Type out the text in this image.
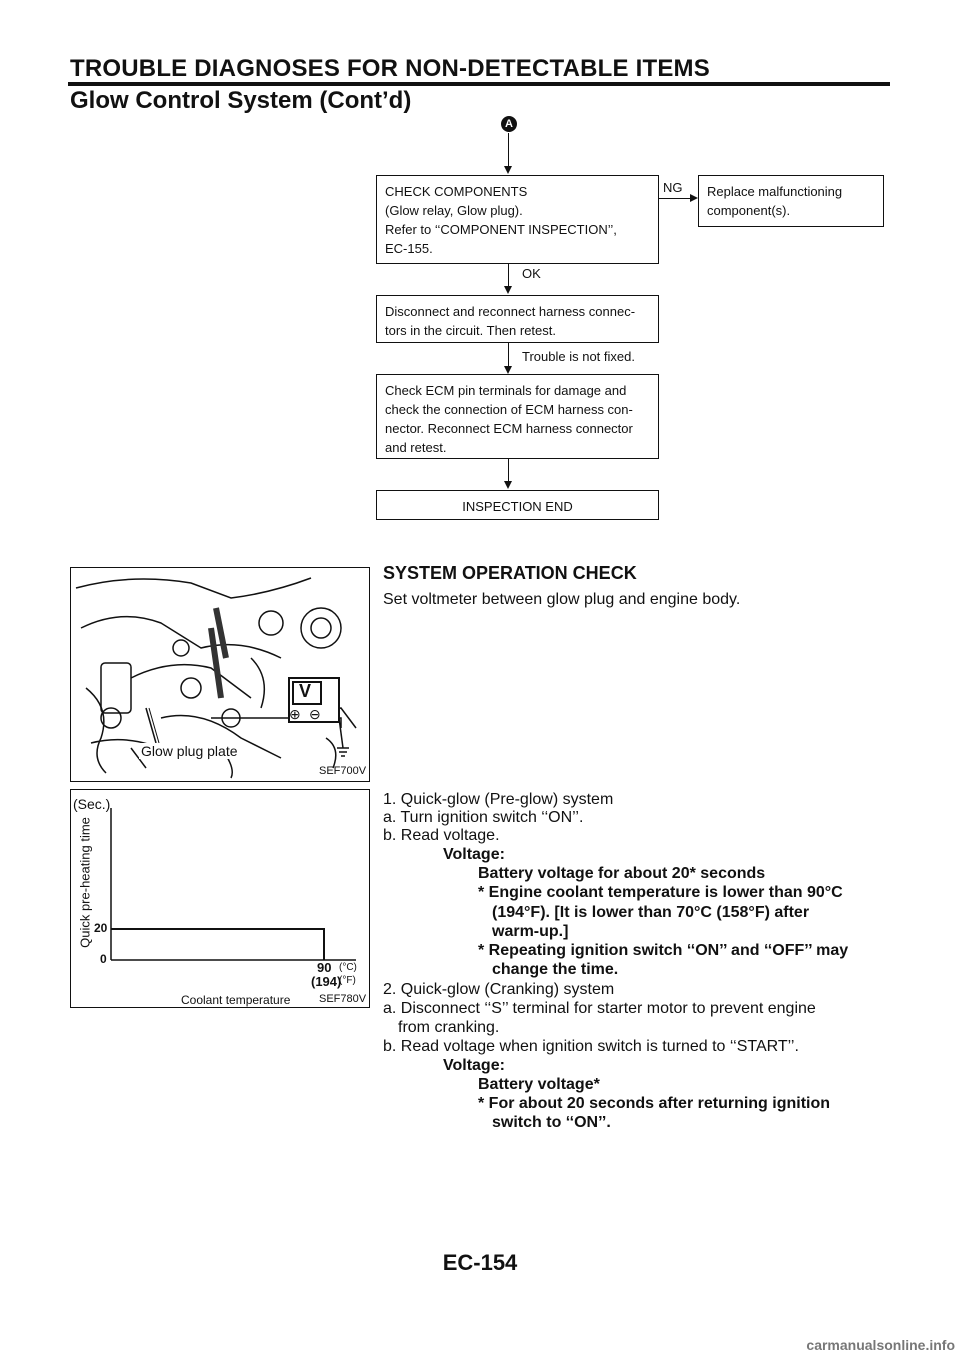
TROUBLE DIAGNOSES FOR NON-DETECTABLE ITEMS
Glow Control System (Cont’d)
A
CHECK COMPONENTS
(Glow relay, Glow plug).
Refer to ‘‘COMPONENT INSPECTION’’,
EC-155.
NG Replace malfunctioning
component(s).
OK
Disconnect and reconnect harness connec-
tors in the circuit. Then retest.
Trouble is not fixed.
Check ECM pin terminals for damage and
check the connection of ECM harness con-
nector. Reconnect ECM harness connector
and retest.
INSPECTION END
V
⊕ ⊖
Glow plug plate
SEF700V
SYSTEM OPERATION CHECK
Set voltmeter between glow plug and engine body.
(Sec.)
Quick pre-heating time 20
0
90
(194)
(°C)
(°F)
Coolant temperature	SEF780V
1. Quick-glow (Pre-glow) system
a. Turn ignition switch ‘‘ON’’.
b. Read voltage.
Voltage:
Battery voltage for about 20* seconds
* Engine coolant temperature is lower than 90°C
(194°F). [It is lower than 70°C (158°F) after
warm-up.]
* Repeating ignition switch ‘‘ON’’ and ‘‘OFF’’ may
change the time.
2. Quick-glow (Cranking) system
a. Disconnect ‘‘S’’ terminal for starter motor to prevent engine
from cranking.
b. Read voltage when ignition switch is turned to ‘‘START’’.
Voltage:
Battery voltage*
* For about 20 seconds after returning ignition
switch to ‘‘ON’’.
EC-154
carmanualsonline.info
